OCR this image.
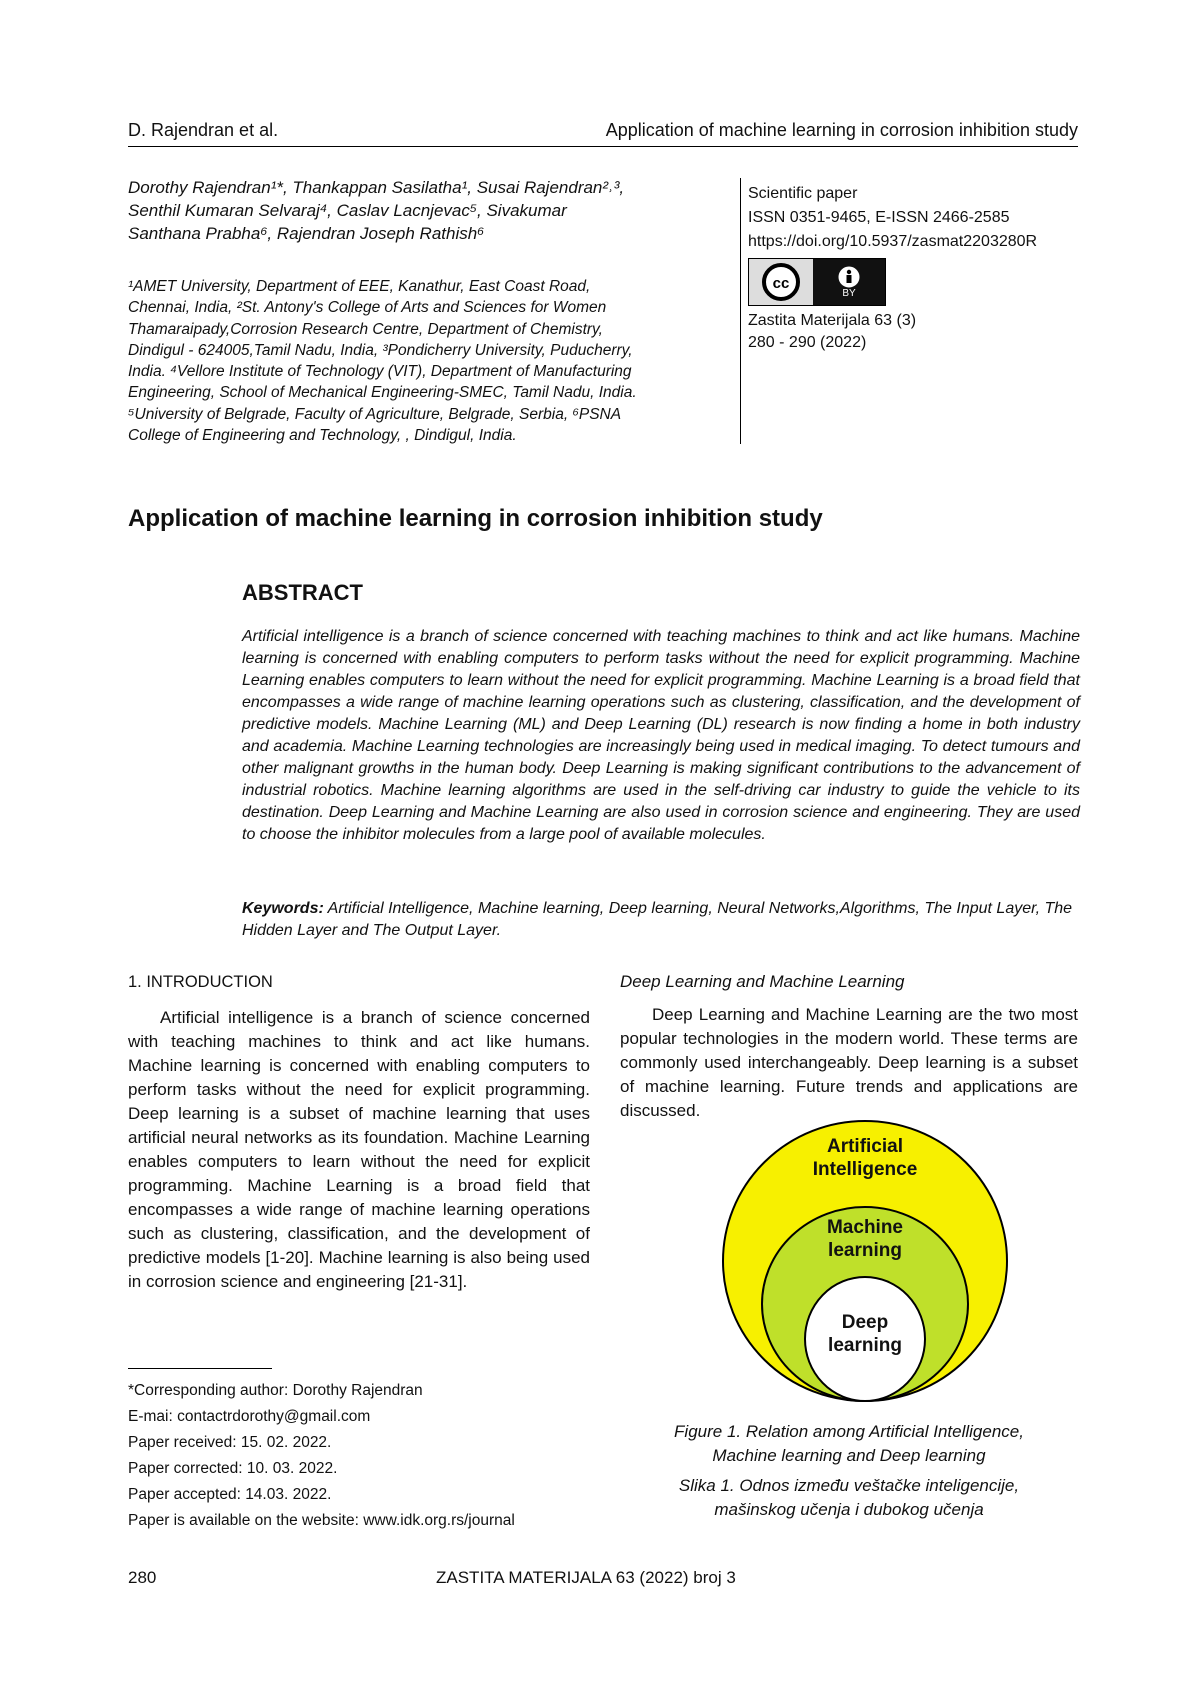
D. Rajendran et al.	Application of machine learning in corrosion inhibition study
Dorothy Rajendran¹*, Thankappan Sasilatha¹, Susai Rajendran²˒³,
Senthil Kumaran Selvaraj⁴, Caslav Lacnjevac⁵, Sivakumar
Santhana Prabha⁶, Rajendran Joseph Rathish⁶
¹AMET University, Department of EEE, Kanathur, East Coast Road,
Chennai, India, ²St. Antony's College of Arts and Sciences for Women
Thamaraipady,Corrosion Research Centre, Department of Chemistry,
Dindigul - 624005,Tamil Nadu, India, ³Pondicherry University, Puducherry,
India. ⁴Vellore Institute of Technology (VIT), Department of Manufacturing
Engineering, School of Mechanical Engineering-SMEC, Tamil Nadu, India.
⁵University of Belgrade, Faculty of Agriculture, Belgrade, Serbia, ⁶PSNA
College of Engineering and Technology, , Dindigul, India.
Scientific paper
ISSN 0351-9465, E-ISSN 2466-2585
https://doi.org/10.5937/zasmat2203280R
cc
BY
Zastita Materijala 63 (3)
280 - 290 (2022)
Application of machine learning in corrosion inhibition study
ABSTRACT
Artificial intelligence is a branch of science concerned with teaching machines to think and act like humans. Machine learning is concerned with enabling computers to perform tasks without the need for explicit programming. Machine Learning enables computers to learn without the need for explicit programming. Machine Learning is a broad field that encompasses a wide range of machine learning operations such as clustering, classification, and the development of predictive models. Machine Learning (ML) and Deep Learning (DL) research is now finding a home in both industry and academia. Machine Learning technologies are increasingly being used in medical imaging. To detect tumours and other malignant growths in the human body. Deep Learning is making significant contributions to the advancement of industrial robotics. Machine learning algorithms are used in the self-driving car industry to guide the vehicle to its destination. Deep Learning and Machine Learning are also used in corrosion science and engineering. They are used to choose the inhibitor molecules from a large pool of available molecules.
Keywords: Artificial Intelligence, Machine learning, Deep learning, Neural Networks,Algorithms, The Input Layer, The Hidden Layer and The Output Layer.
1. INTRODUCTION
Artificial intelligence is a branch of science concerned with teaching machines to think and act like humans. Machine learning is concerned with enabling computers to perform tasks without the need for explicit programming. Deep learning is a subset of machine learning that uses artificial neural networks as its foundation. Machine Learning enables computers to learn without the need for explicit programming. Machine Learning is a broad field that encompasses a wide range of machine learning operations such as clustering, classification, and the development of predictive models [1-20]. Machine learning is also being used in corrosion science and engineering [21-31].
*Corresponding author: Dorothy Rajendran
E-mai: contactrdorothy@gmail.com
Paper received: 15. 02. 2022.
Paper corrected: 10. 03. 2022.
Paper accepted: 14.03. 2022.
Paper is available on the website: www.idk.org.rs/journal
Deep Learning and Machine Learning
Deep Learning and Machine Learning are the two most popular technologies in the modern world. These terms are commonly used interchangeably. Deep learning is a subset of machine learning. Future trends and applications are discussed.
Artificial
Intelligence
Machine
learning
Deep
learning
Figure 1. Relation among Artificial Intelligence,
Machine learning and Deep learning
Slika 1. Odnos između veštačke inteligencije,
mašinskog učenja i dubokog učenja
280	ZASTITA MATERIJALA 63 (2022) broj 3
